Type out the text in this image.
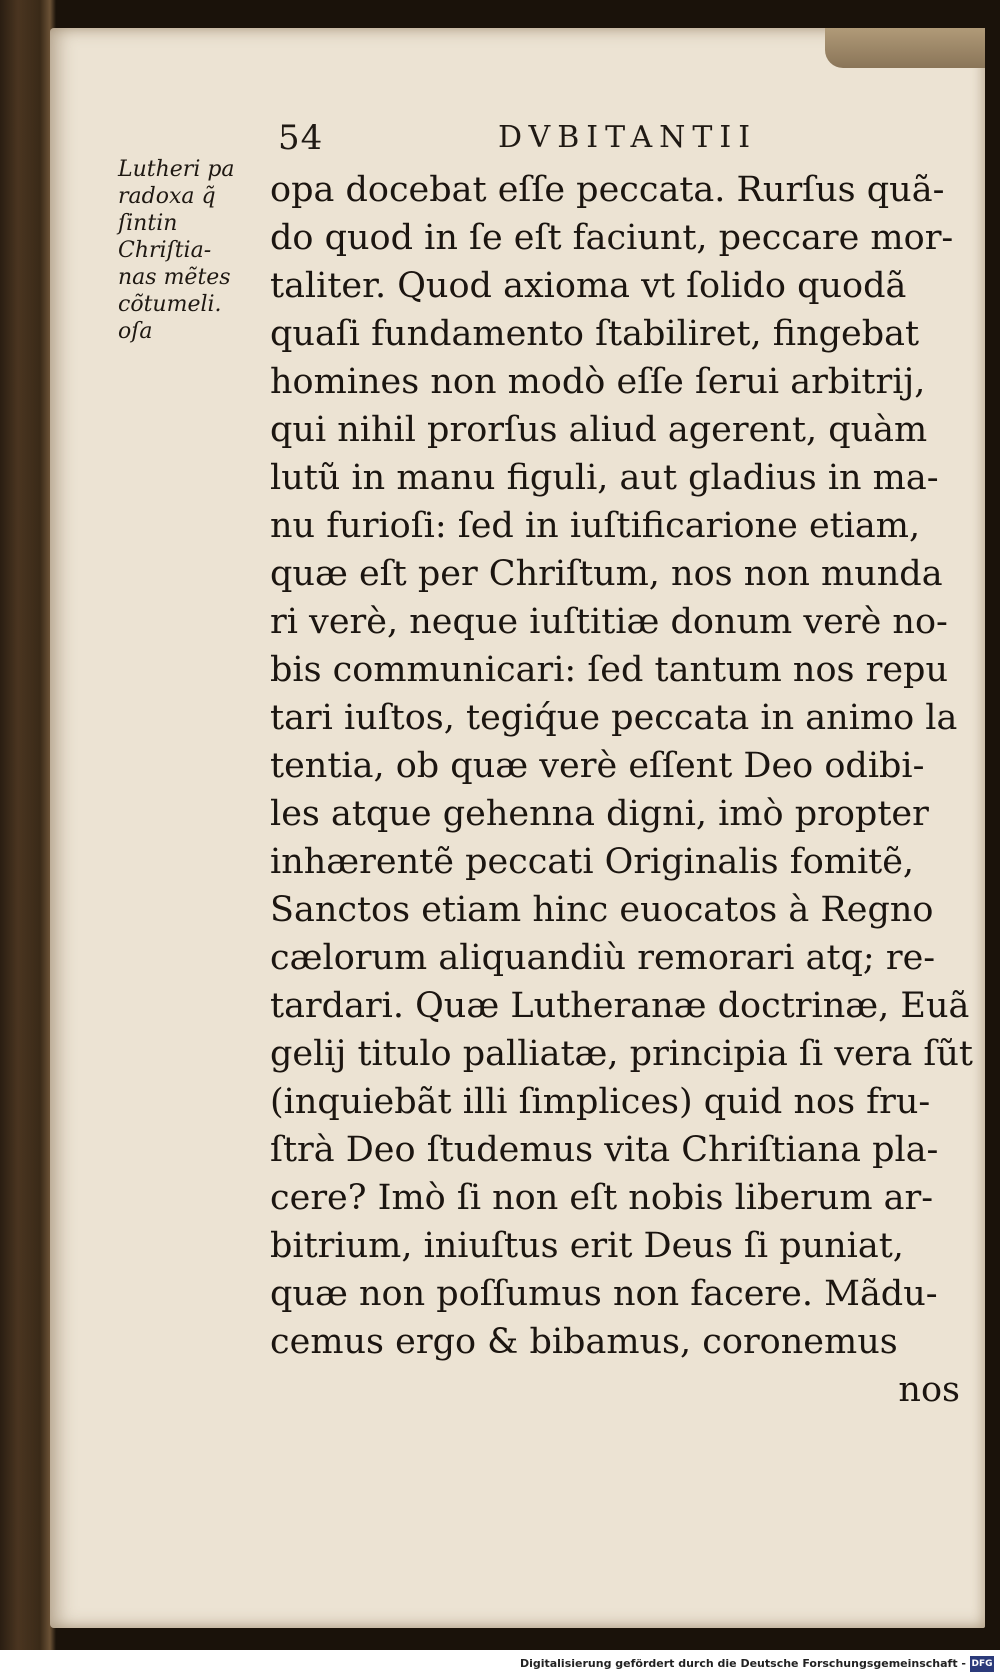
54	DVBITANTII
Lutheri pa
radoxa q̃
ſintin
Chriſtia-
nas mẽtes
cõtumeli.
oſa
opa docebat eſſe peccata. Rurſus quã-
do quod in ſe eſt faciunt, peccare mor-
taliter. Quod axioma vt ſolido quodã
quaſi fundamento ſtabiliret, fingebat
homines non modò eſſe ſerui arbitrij,
qui nihil prorſus aliud agerent, quàm
lutũ in manu figuli, aut gladius in ma-
nu furioſi: ſed in iuſtificarione etiam,
quæ eſt per Chriſtum, nos non munda
ri verè, neque iuſtitiæ donum verè no-
bis communicari: ſed tantum nos repu
tari iuſtos, tegiq́ue peccata in animo la
tentia, ob quæ verè eſſent Deo odibi-
les atque gehenna digni, imò propter
inhærentẽ peccati Originalis fomitẽ,
Sanctos etiam hinc euocatos à Regno
cælorum aliquandiù remorari atq; re-
tardari. Quæ Lutheranæ doctrinæ, Euã
gelij titulo palliatæ, principia ſi vera ſũt
(inquiebãt illi ſimplices) quid nos fru-
ſtrà Deo ſtudemus vita Chriſtiana pla-
cere? Imò ſi non eſt nobis liberum ar-
bitrium, iniuſtus erit Deus ſi puniat,
quæ non poſſumus non facere. Mãdu-
cemus ergo & bibamus, coronemus
nos
Digitalisierung gefördert durch die Deutsche Forschungsgemeinschaft - DFG
